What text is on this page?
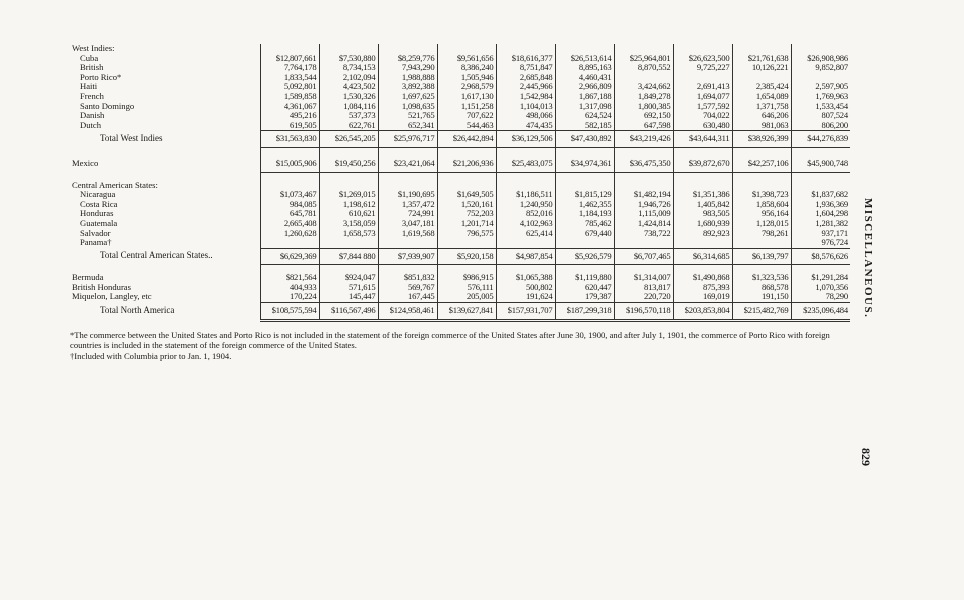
West Indies:										
Cuba	$12,807,661	$7,530,880	$8,259,776	$9,561,656	$18,616,377	$26,513,614	$25,964,801	$26,623,500	$21,761,638	$26,908,986
British	7,764,178	8,734,153	7,943,290	8,386,240	8,751,847	8,895,163	8,870,552	9,725,227	10,126,221	9,852,807
Porto Rico*	1,833,544	2,102,094	1,988,888	1,505,946	2,685,848	4,460,431				
Haiti	5,092,801	4,423,502	3,892,388	2,968,579	2,445,966	2,966,809	3,424,662	2,691,413	2,385,424	2,597,905
French	1,589,858	1,530,326	1,697,625	1,617,130	1,542,984	1,867,188	1,849,278	1,694,077	1,654,089	1,769,963
Santo Domingo	4,361,067	1,084,116	1,098,635	1,151,258	1,104,013	1,317,098	1,800,385	1,577,592	1,371,758	1,533,454
Danish	495,216	537,373	521,765	707,622	498,066	624,524	692,150	704,022	646,206	807,524
Dutch	619,505	622,761	652,341	544,463	474,435	582,185	647,598	630,480	981,063	806,200
Total West Indies	$31,563,830	$26,545,205	$25,976,717	$26,442,894	$36,129,506	$47,430,892	$43,219,426	$43,644,311	$38,926,399	$44,276,839

Mexico	$15,005,906	$19,450,256	$23,421,064	$21,206,936	$25,483,075	$34,974,361	$36,475,350	$39,872,670	$42,257,106	$45,900,748

Central American States:										
Nicaragua	$1,073,467	$1,269,015	$1,190,695	$1,649,505	$1,186,511	$1,815,129	$1,482,194	$1,351,386	$1,398,723	$1,837,682
Costa Rica	984,085	1,198,612	1,357,472	1,520,161	1,240,950	1,462,355	1,946,726	1,405,842	1,858,604	1,936,369
Honduras	645,781	610,621	724,991	752,203	852,016	1,184,193	1,115,009	983,505	956,164	1,604,298
Guatemala	2,665,408	3,158,059	3,047,181	1,201,714	4,102,963	785,462	1,424,814	1,680,939	1,128,015	1,281,382
Salvador	1,260,628	1,658,573	1,619,568	796,575	625,414	679,440	738,722	892,923	798,261	937,171
Panama†										976,724
Total Central American States..	$6,629,369	$7,844 880	$7,939,907	$5,920,158	$4,987,854	$5,926,579	$6,707,465	$6,314,685	$6,139,797	$8,576,626

Bermuda	$821,564	$924,047	$851,832	$986,915	$1,065,388	$1,119,880	$1,314,007	$1,490,868	$1,323,536	$1,291,284
British Honduras	404,933	571,615	569,767	576,111	500,802	620,447	813,817	875,393	868,578	1,070,356
Miquelon, Langley, etc	170,224	145,447	167,445	205,005	191,624	179,387	220,720	169,019	191,150	78,290
Total North America	$108,575,594	$116,567,496	$124,958,461	$139,627,841	$157,931,707	$187,299,318	$196,570,118	$203,853,804	$215,482,769	$235,096,484

*The commerce between the United States and Porto Rico is not included in the statement of the foreign commerce of the United States after June 30, 1900, and after July 1, 1901, the commerce of Porto Rico with foreign countries is included in the statement of the foreign commerce of the United States.

†Included with Columbia prior to Jan. 1, 1904.

MISCELLANEOUS.
829
